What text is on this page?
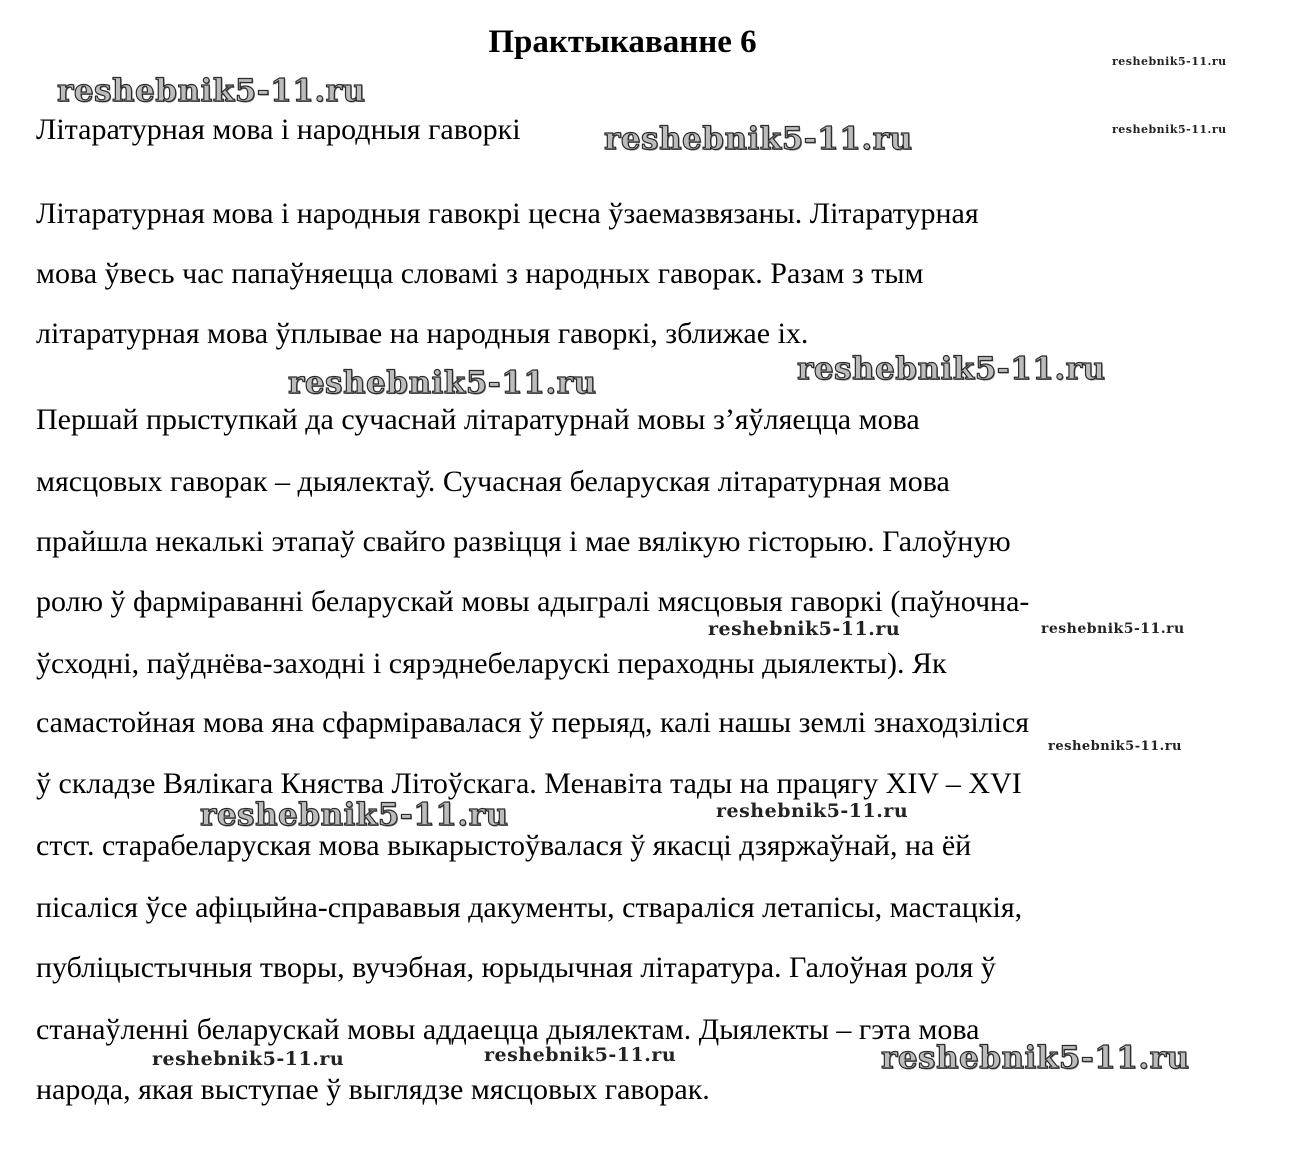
Практыкаванне 6

Літаратурная мова і народныя гаворкі

Літаратурная мова і народныя гавокрі цесна ўзаемазвязаны. Літаратурная

мова ўвесь час папаўняецца словамі з народных гаворак. Разам з тым

літаратурная мова ўплывае на народныя гаворкі, зближае іх.

Першай прыступкай да сучаснай літаратурнай мовы з’яўляецца мова

мясцовых гаворак – дыялектаў. Сучасная беларуская літаратурная мова

прайшла некалькі этапаў свайго развіцця і мае вялікую гісторыю. Галоўную

ролю ў фарміраванні беларускай мовы адыгралі мясцовыя гаворкі (паўночна-

ўсходні, паўднёва-заходні і сярэднебеларускі пераходны дыялекты). Як

самастойная мова яна сфарміравалася ў перыяд, калі нашы землі знаходзіліся

ў складзе Вялікага Княства Літоўскага. Менавіта тады на працягу XIV – XVI

стст. старабеларуская мова выкарыстоўвалася ў якасці дзяржаўнай, на ёй

пісаліся ўсе афіцыйна-справавыя дакументы, ствараліся летапісы, мастацкія,

публіцыстычныя творы, вучэбная, юрыдычная літаратура. Галоўная роля ў

станаўленні беларускай мовы аддаецца дыялектам. Дыялекты – гэта мова

народа, якая выступае ў выглядзе мясцовых гаворак.

reshebnik5-11.ru
reshebnik5-11.ru
reshebnik5-11.ru	reshebnik5-11.ru
reshebnik5-11.ru	reshebnik5-11.ru
reshebnik5-11.ru	reshebnik5-11.ru
reshebnik5-11.ru
reshebnik5-11.ru	reshebnik5-11.ru
reshebnik5-11.ru	reshebnik5-11.ru	reshebnik5-11.ru
